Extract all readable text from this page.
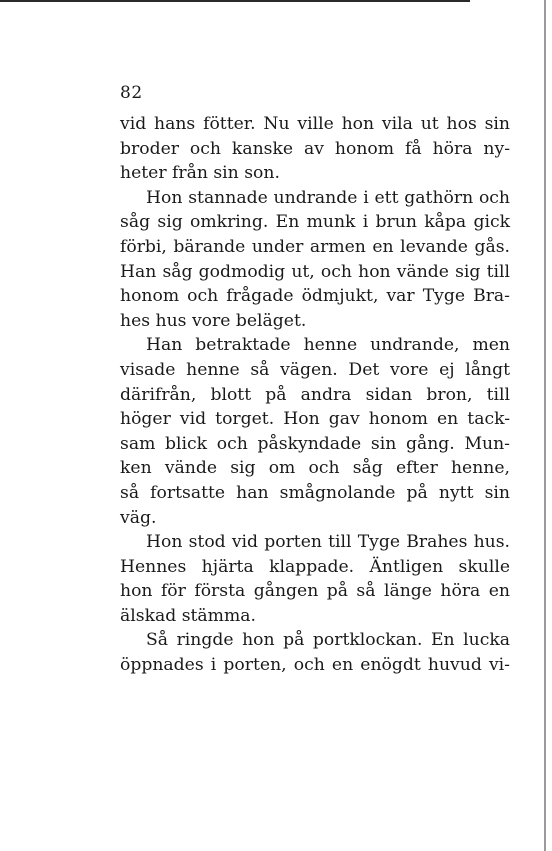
82
vid hans fötter. Nu ville hon vila ut hos sin
broder och kanske av honom få höra ny-
heter från sin son.
Hon stannade undrande i ett gathörn och
såg sig omkring. En munk i brun kåpa gick
förbi, bärande under armen en levande gås.
Han såg godmodig ut, och hon vände sig till
honom och frågade ödmjukt, var Tyge Bra-
hes hus vore beläget.
Han betraktade henne undrande, men
visade henne så vägen. Det vore ej långt
därifrån, blott på andra sidan bron, till
höger vid torget. Hon gav honom en tack-
sam blick och påskyndade sin gång. Mun-
ken vände sig om och såg efter henne,
så fortsatte han smågnolande på nytt sin
väg.
Hon stod vid porten till Tyge Brahes hus.
Hennes hjärta klappade. Äntligen skulle
hon för första gången på så länge höra en
älskad stämma.
Så ringde hon på portklockan. En lucka
öppnades i porten, och en enögdt huvud vi-
